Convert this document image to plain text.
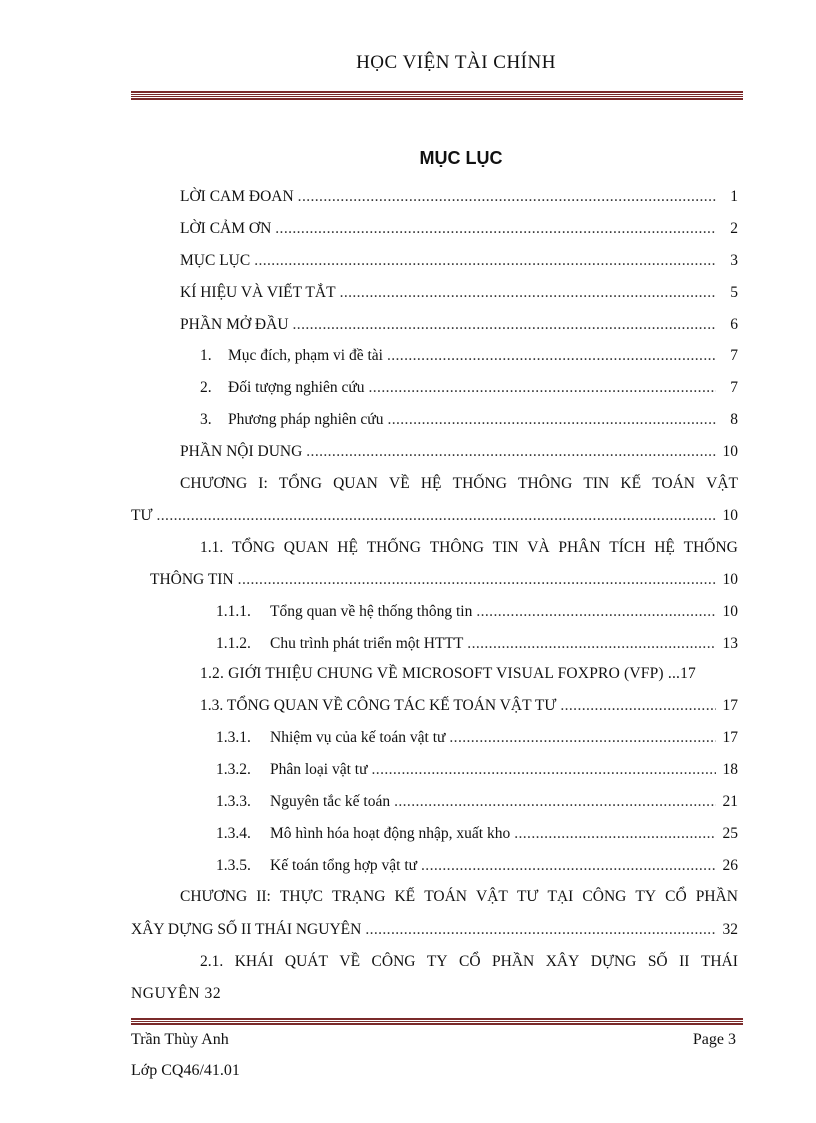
HỌC VIỆN TÀI CHÍNH
MỤC LỤC
LỜI CAM ĐOAN .....	1
LỜI CẢM ƠN .....	2
MỤC LỤC .....	3
KÍ HIỆU VÀ VIẾT TẮT .....	5
PHẦN MỞ ĐẦU .....	6
1.	Mục đích, phạm vi đề tài .....	7
2.	Đối tượng nghiên cứu .....	7
3.	Phương pháp nghiên cứu .....	8
PHẦN NỘI DUNG .....	10
CHƯƠNG I: TỔNG QUAN VỀ HỆ THỐNG THÔNG TIN KẾ TOÁN VẬT
TƯ .....	10
1.1. TỔNG QUAN HỆ THỐNG THÔNG TIN VÀ PHÂN TÍCH HỆ THỐNG
THÔNG TIN .....	10
1.1.1.	Tổng quan về hệ thống thông tin .....	10
1.1.2.	Chu trình phát triển một HTTT .....	13
1.2. GIỚI THIỆU CHUNG VỀ MICROSOFT VISUAL FOXPRO (VFP) ...17
1.3. TỔNG QUAN VỀ CÔNG TÁC KẾ TOÁN VẬT TƯ .....	17
1.3.1.	Nhiệm vụ của kế toán vật tư .....	17
1.3.2.	Phân loại vật tư .....	18
1.3.3.	Nguyên tắc kế toán .....	21
1.3.4.	Mô hình hóa hoạt động nhập, xuất kho .....	25
1.3.5.	Kế toán tổng hợp vật tư .....	26
CHƯƠNG II: THỰC TRẠNG KẾ TOÁN VẬT TƯ TẠI CÔNG TY CỔ PHẦN
XÂY DỰNG SỐ II THÁI NGUYÊN .....	32
2.1. KHÁI QUÁT VỀ CÔNG TY CỔ PHẦN XÂY DỰNG SỐ II THÁI
NGUYÊN 32
Trần Thùy Anh	Page 3
Lớp CQ46/41.01
